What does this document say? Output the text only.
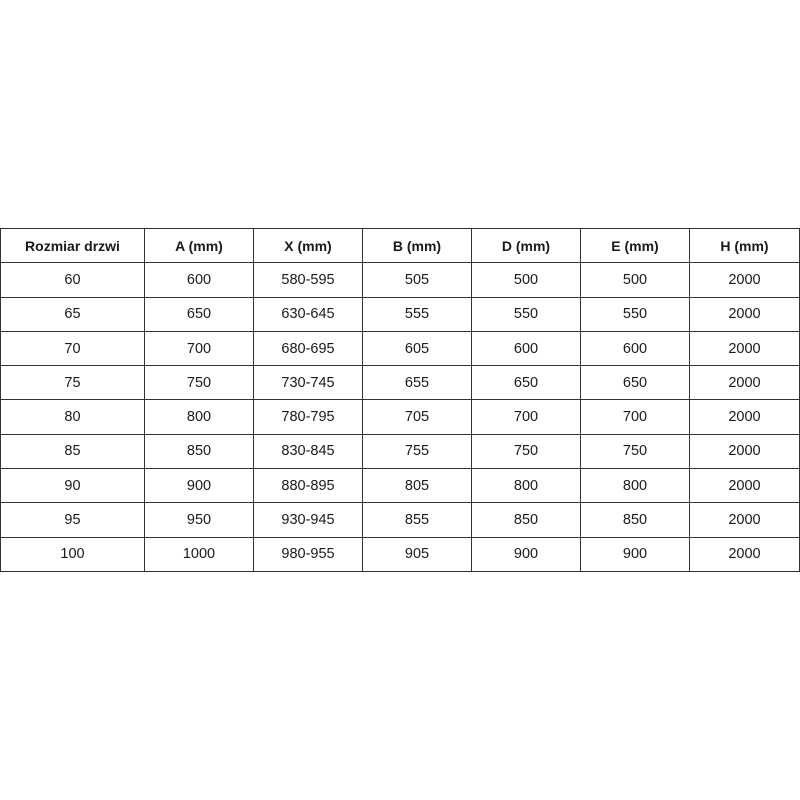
Rozmiar drzwi	A (mm)	X (mm)	B (mm)	D (mm)	E (mm)	H (mm)
60	600	580-595	505	500	500	2000
65	650	630-645	555	550	550	2000
70	700	680-695	605	600	600	2000
75	750	730-745	655	650	650	2000
80	800	780-795	705	700	700	2000
85	850	830-845	755	750	750	2000
90	900	880-895	805	800	800	2000
95	950	930-945	855	850	850	2000
100	1000	980-955	905	900	900	2000
